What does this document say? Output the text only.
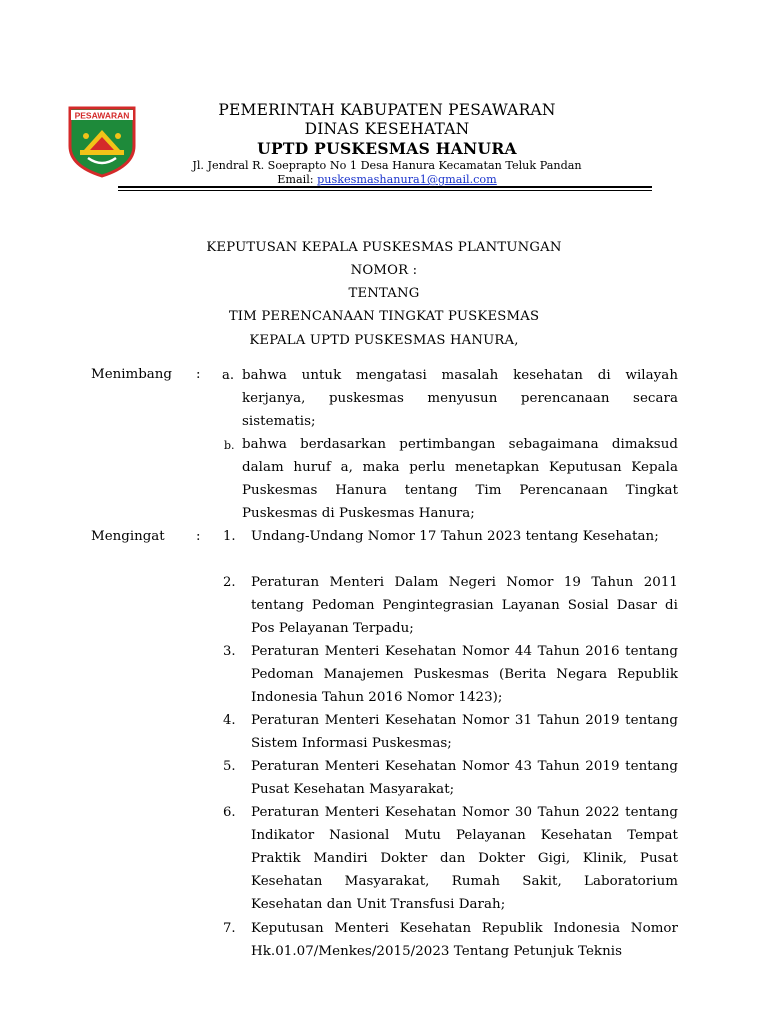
PESAWARAN	PEMERINTAH KABUPATEN PESAWARAN
DINAS KESEHATAN
UPTD PUSKESMAS HANURA
Jl. Jendral R. Soeprapto No 1 Desa Hanura Kecamatan Teluk Pandan
Email: puskesmashanura1@gmail.com
KEPUTUSAN KEPALA PUSKESMAS PLANTUNGAN
NOMOR :
TENTANG
TIM PERENCANAAN TINGKAT PUSKESMAS
KEPALA UPTD PUSKESMAS HANURA,
Menimbang : a. bahwa untuk mengatasi masalah kesehatan di wilayah kerjanya, puskesmas menyusun perencanaan secara sistematis;
b. bahwa berdasarkan pertimbangan sebagaimana dimaksud dalam huruf a, maka perlu menetapkan Keputusan Kepala Puskesmas Hanura tentang Tim Perencanaan Tingkat Puskesmas di Puskesmas Hanura;
Mengingat : 1. Undang-Undang Nomor 17 Tahun 2023 tentang Kesehatan;
2. Peraturan Menteri Dalam Negeri Nomor 19 Tahun 2011 tentang Pedoman Pengintegrasian Layanan Sosial Dasar di Pos Pelayanan Terpadu;
3. Peraturan Menteri Kesehatan Nomor 44 Tahun 2016 tentang Pedoman Manajemen Puskesmas (Berita Negara Republik Indonesia Tahun 2016 Nomor 1423);
4. Peraturan Menteri Kesehatan Nomor 31 Tahun 2019 tentang Sistem Informasi Puskesmas;
5. Peraturan Menteri Kesehatan Nomor 43 Tahun 2019 tentang Pusat Kesehatan Masyarakat;
6. Peraturan Menteri Kesehatan Nomor 30 Tahun 2022 tentang Indikator Nasional Mutu Pelayanan Kesehatan Tempat Praktik Mandiri Dokter dan Dokter Gigi, Klinik, Pusat Kesehatan Masyarakat, Rumah Sakit, Laboratorium Kesehatan dan Unit Transfusi Darah;
7. Keputusan Menteri Kesehatan Republik Indonesia Nomor Hk.01.07/Menkes/2015/2023 Tentang Petunjuk Teknis
